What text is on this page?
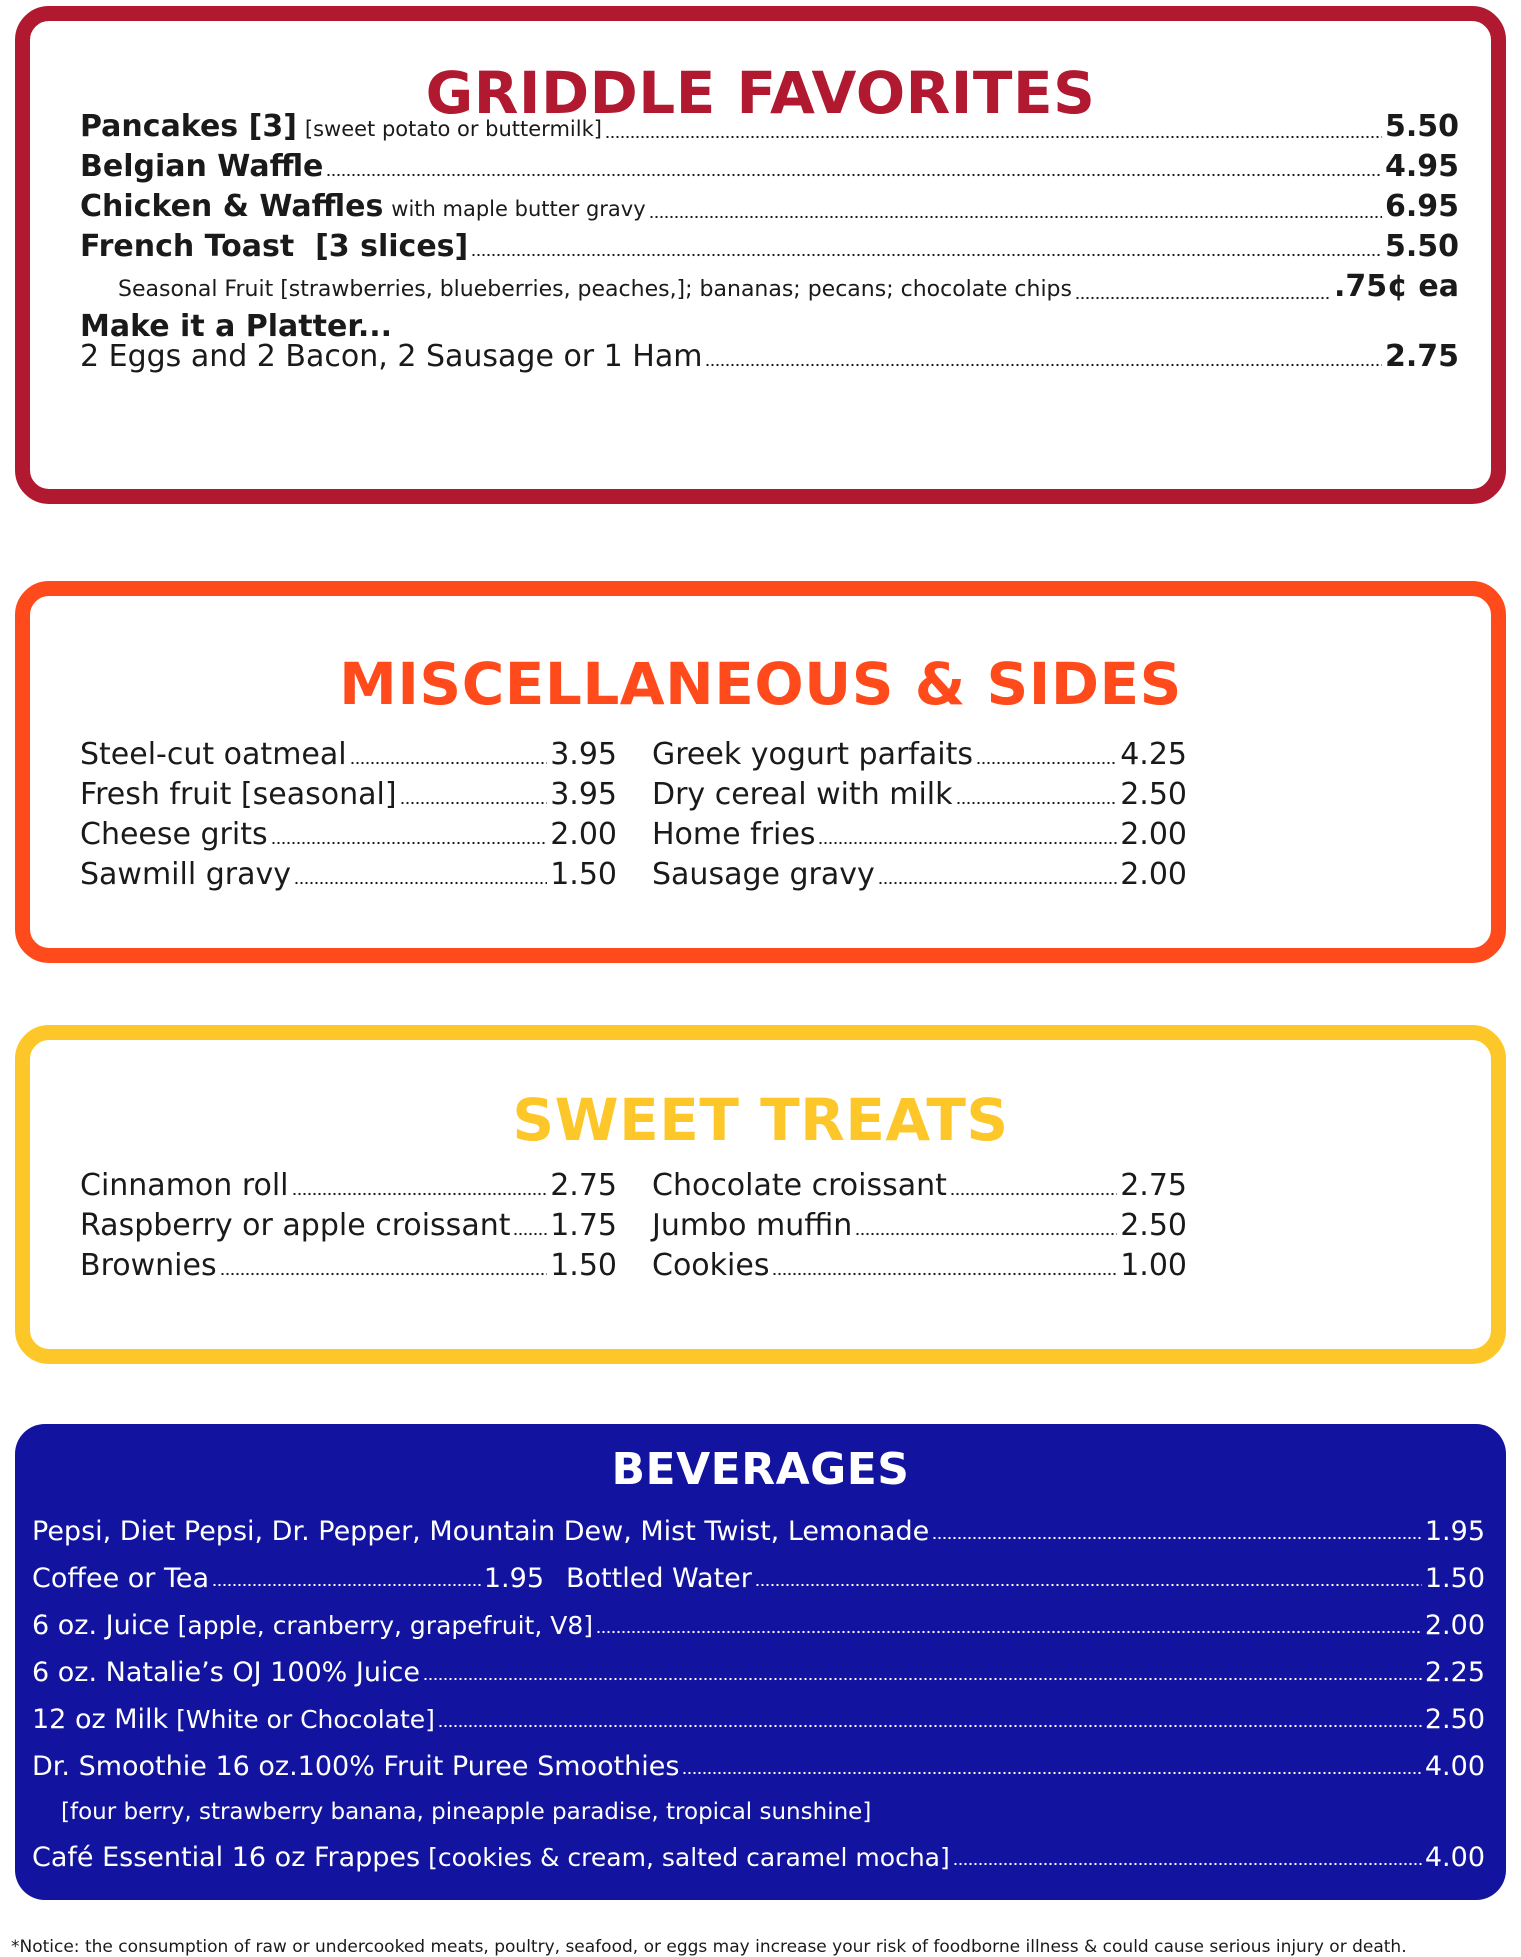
GRIDDLE FAVORITES
Pancakes [3] [sweet potato or buttermilk]	5.50
Belgian Waffle	4.95
Chicken & Waffles with maple butter gravy	6.95
French Toast  [3 slices]	5.50
Seasonal Fruit [strawberries, blueberries, peaches,]; bananas; pecans; chocolate chips	.75¢ ea
Make it a Platter...
2 Eggs and 2 Bacon, 2 Sausage or 1 Ham	2.75
MISCELLANEOUS & SIDES
Steel-cut oatmeal	3.95
Fresh fruit [seasonal]	3.95
Cheese grits	2.00
Sawmill gravy	1.50
Greek yogurt parfaits	4.25
Dry cereal with milk	2.50
Home fries	2.00
Sausage gravy	2.00
SWEET TREATS
Cinnamon roll	2.75
Raspberry or apple croissant 1.75
Brownies	1.50
Chocolate croissant	2.75
Jumbo muffin	2.50
Cookies	1.00
BEVERAGES
Pepsi, Diet Pepsi, Dr. Pepper, Mountain Dew, Mist Twist, Lemonade	1.95
Coffee or Tea	1.95 Bottled Water	1.50
6 oz. Juice [apple, cranberry, grapefruit, V8]	2.00
6 oz. Natalie’s OJ 100% Juice	2.25
12 oz Milk [White or Chocolate]	2.50
Dr. Smoothie 16 oz.100% Fruit Puree Smoothies	4.00
[four berry, strawberry banana, pineapple paradise, tropical sunshine]
Café Essential 16 oz Frappes [cookies & cream, salted caramel mocha]	4.00
*Notice: the consumption of raw or undercooked meats, poultry, seafood, or eggs may increase your risk of foodborne illness & could cause serious injury or death.
